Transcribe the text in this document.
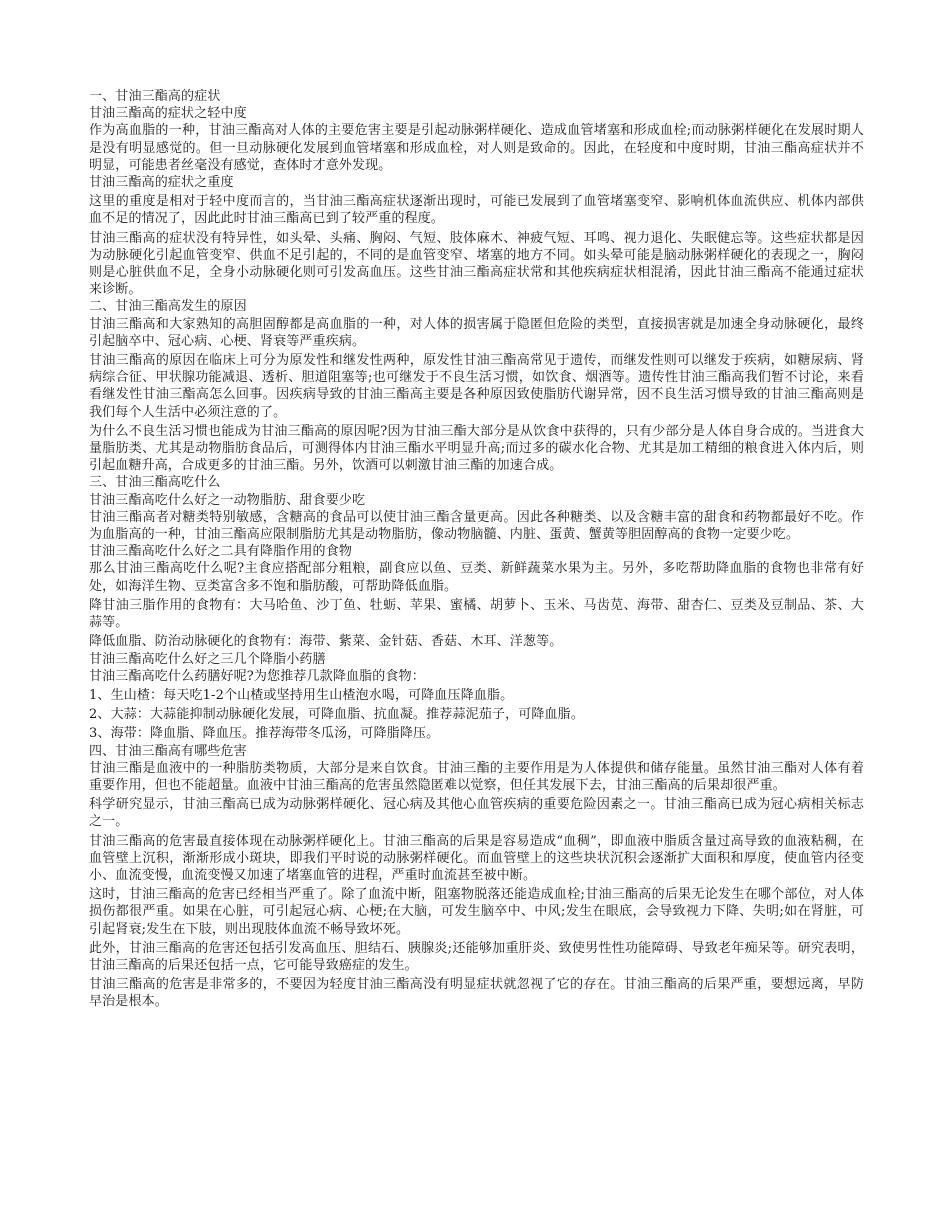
一、甘油三酯高的症状

甘油三酯高的症状之轻中度

作为高血脂的一种，甘油三酯高对人体的主要危害主要是引起动脉粥样硬化、造成血管堵塞和形成血栓;而动脉粥样硬化在发展时期人是没有明显感觉的。但一旦动脉硬化发展到血管堵塞和形成血栓，对人则是致命的。因此，在轻度和中度时期，甘油三酯高症状并不明显，可能患者丝毫没有感觉，查体时才意外发现。

甘油三酯高的症状之重度

这里的重度是相对于轻中度而言的，当甘油三酯高症状逐渐出现时，可能已发展到了血管堵塞变窄、影响机体血流供应、机体内部供血不足的情况了，因此此时甘油三酯高已到了较严重的程度。

甘油三酯高的症状没有特异性，如头晕、头痛、胸闷、气短、肢体麻木、神疲气短、耳鸣、视力退化、失眠健忘等。这些症状都是因为动脉硬化引起血管变窄、供血不足引起的，不同的是血管变窄、堵塞的地方不同。如头晕可能是脑动脉粥样硬化的表现之一，胸闷则是心脏供血不足，全身小动脉硬化则可引发高血压。这些甘油三酯高症状常和其他疾病症状相混淆，因此甘油三酯高不能通过症状来诊断。

二、甘油三酯高发生的原因

甘油三酯高和大家熟知的高胆固醇都是高血脂的一种，对人体的损害属于隐匿但危险的类型，直接损害就是加速全身动脉硬化，最终引起脑卒中、冠心病、心梗、肾衰等严重疾病。

甘油三酯高的原因在临床上可分为原发性和继发性两种，原发性甘油三酯高常见于遗传，而继发性则可以继发于疾病，如糖尿病、肾病综合征、甲状腺功能减退、透析、胆道阻塞等;也可继发于不良生活习惯，如饮食、烟酒等。遗传性甘油三酯高我们暂不讨论，来看看继发性甘油三酯高怎么回事。因疾病导致的甘油三酯高主要是各种原因致使脂肪代谢异常，因不良生活习惯导致的甘油三酯高则是我们每个人生活中必须注意的了。

为什么不良生活习惯也能成为甘油三酯高的原因呢?因为甘油三酯大部分是从饮食中获得的，只有少部分是人体自身合成的。当进食大量脂肪类、尤其是动物脂肪食品后，可测得体内甘油三酯水平明显升高;而过多的碳水化合物、尤其是加工精细的粮食进入体内后，则引起血糖升高，合成更多的甘油三酯。另外，饮酒可以刺激甘油三酯的加速合成。

三、甘油三酯高吃什么

甘油三酯高吃什么好之一动物脂肪、甜食要少吃

甘油三酯高者对糖类特别敏感，含糖高的食品可以使甘油三酯含量更高。因此各种糖类、以及含糖丰富的甜食和药物都最好不吃。作为血脂高的一种，甘油三酯高应限制脂肪尤其是动物脂肪，像动物脑髓、内脏、蛋黄、蟹黄等胆固醇高的食物一定要少吃。

甘油三酯高吃什么好之二具有降脂作用的食物

那么甘油三酯高吃什么呢?主食应搭配部分粗粮，副食应以鱼、豆类、新鲜蔬菜水果为主。另外，多吃帮助降血脂的食物也非常有好处，如海洋生物、豆类富含多不饱和脂肪酸，可帮助降低血脂。

降甘油三脂作用的食物有：大马哈鱼、沙丁鱼、牡蛎、苹果、蜜橘、胡萝卜、玉米、马齿苋、海带、甜杏仁、豆类及豆制品、茶、大蒜等。

降低血脂、防治动脉硬化的食物有：海带、紫菜、金针菇、香菇、木耳、洋葱等。

甘油三酯高吃什么好之三几个降脂小药膳

甘油三酯高吃什么药膳好呢?为您推荐几款降血脂的食物：

1、生山楂：每天吃1-2个山楂或坚持用生山楂泡水喝，可降血压降血脂。

2、大蒜：大蒜能抑制动脉硬化发展，可降血脂、抗血凝。推荐蒜泥茄子，可降血脂。

3、海带：降血脂、降血压。推荐海带冬瓜汤，可降脂降压。

四、甘油三酯高有哪些危害

甘油三酯是血液中的一种脂肪类物质，大部分是来自饮食。甘油三酯的主要作用是为人体提供和储存能量。虽然甘油三酯对人体有着重要作用，但也不能超量。血液中甘油三酯高的危害虽然隐匿难以觉察，但任其发展下去，甘油三酯高的后果却很严重。

科学研究显示，甘油三酯高已成为动脉粥样硬化、冠心病及其他心血管疾病的重要危险因素之一。甘油三酯高已成为冠心病相关标志之一。

甘油三酯高的危害最直接体现在动脉粥样硬化上。甘油三酯高的后果是容易造成“血稠”，即血液中脂质含量过高导致的血液粘稠，在血管壁上沉积，渐渐形成小斑块，即我们平时说的动脉粥样硬化。而血管壁上的这些块状沉积会逐渐扩大面积和厚度，使血管内径变小、血流变慢，血流变慢又加速了堵塞血管的进程，严重时血流甚至被中断。

这时，甘油三酯高的危害已经相当严重了。除了血流中断，阻塞物脱落还能造成血栓;甘油三酯高的后果无论发生在哪个部位，对人体损伤都很严重。如果在心脏，可引起冠心病、心梗;在大脑，可发生脑卒中、中风;发生在眼底，会导致视力下降、失明;如在肾脏，可引起肾衰;发生在下肢，则出现肢体血流不畅导致坏死。

此外，甘油三酯高的危害还包括引发高血压、胆结石、胰腺炎;还能够加重肝炎、致使男性性功能障碍、导致老年痴呆等。研究表明，甘油三酯高的后果还包括一点，它可能导致癌症的发生。

甘油三酯高的危害是非常多的，不要因为轻度甘油三酯高没有明显症状就忽视了它的存在。甘油三酯高的后果严重，要想远离，早防早治是根本。
